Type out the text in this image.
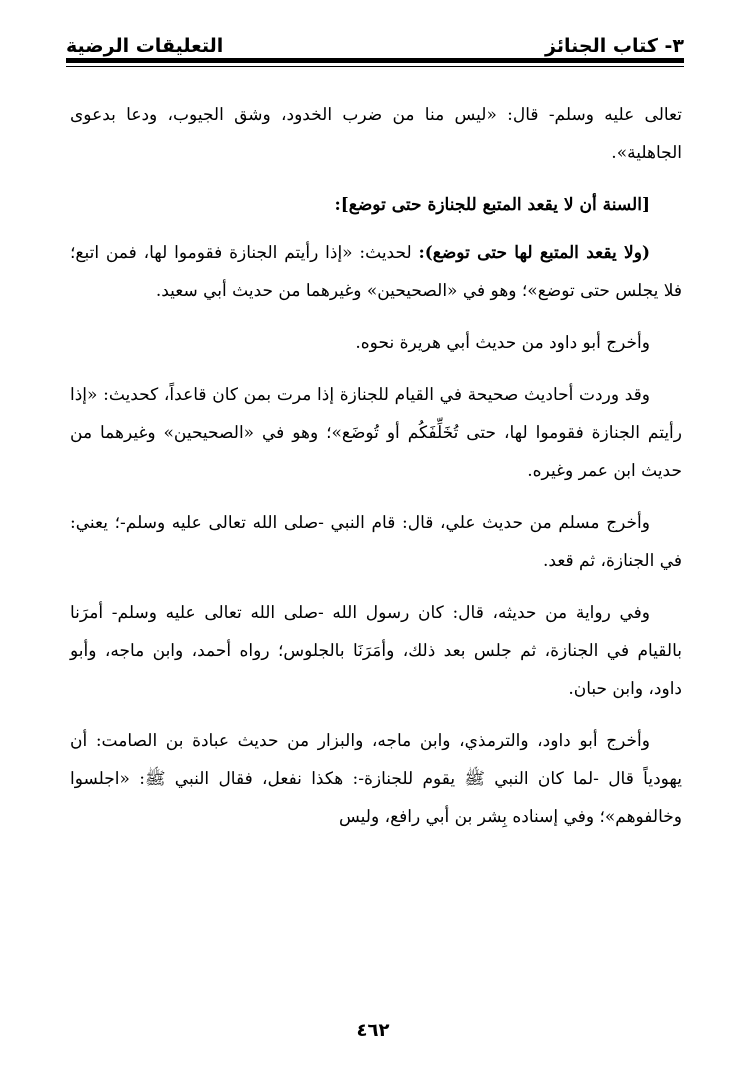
٣- كتاب الجنائز
التعليقات الرضية

تعالى عليه وسلم- قال: «ليس منا من ضرب الخدود، وشق الجيوب، ودعا بدعوى الجاهلية».

[السنة أن لا يقعد المتبع للجنازة حتى توضع]:

(ولا يقعد المتبع لها حتى توضع): لحديث: «إذا رأيتم الجنازة فقوموا لها، فمن اتبع؛ فلا يجلس حتى توضع»؛ وهو في «الصحيحين» وغيرهما من حديث أبي سعيد.

وأخرج أبو داود من حديث أبي هريرة نحوه.

وقد وردت أحاديث صحيحة في القيام للجنازة إذا مرت بمن كان قاعداً، كحديث: «إذا رأيتم الجنازة فقوموا لها، حتى تُخَلِّفَكُم أو تُوضَع»؛ وهو في «الصحيحين» وغيرهما من حديث ابن عمر وغيره.

وأخرج مسلم من حديث علي، قال: قام النبي -صلى الله تعالى عليه وسلم-؛ يعني: في الجنازة، ثم قعد.

وفي رواية من حديثه، قال: كان رسول الله -صلى الله تعالى عليه وسلم- أمرَنا بالقيام في الجنازة، ثم جلس بعد ذلك، وأمَرَنَا بالجلوس؛ رواه أحمد، وابن ماجه، وأبو داود، وابن حبان.

وأخرج أبو داود، والترمذي، وابن ماجه، والبزار من حديث عبادة بن الصامت: أن يهودياً قال -لما كان النبي ﷺ يقوم للجنازة-: هكذا نفعل، فقال النبي ﷺ: «اجلسوا وخالفوهم»؛ وفي إسناده بِشر بن أبي رافع، وليس

٤٦٢
